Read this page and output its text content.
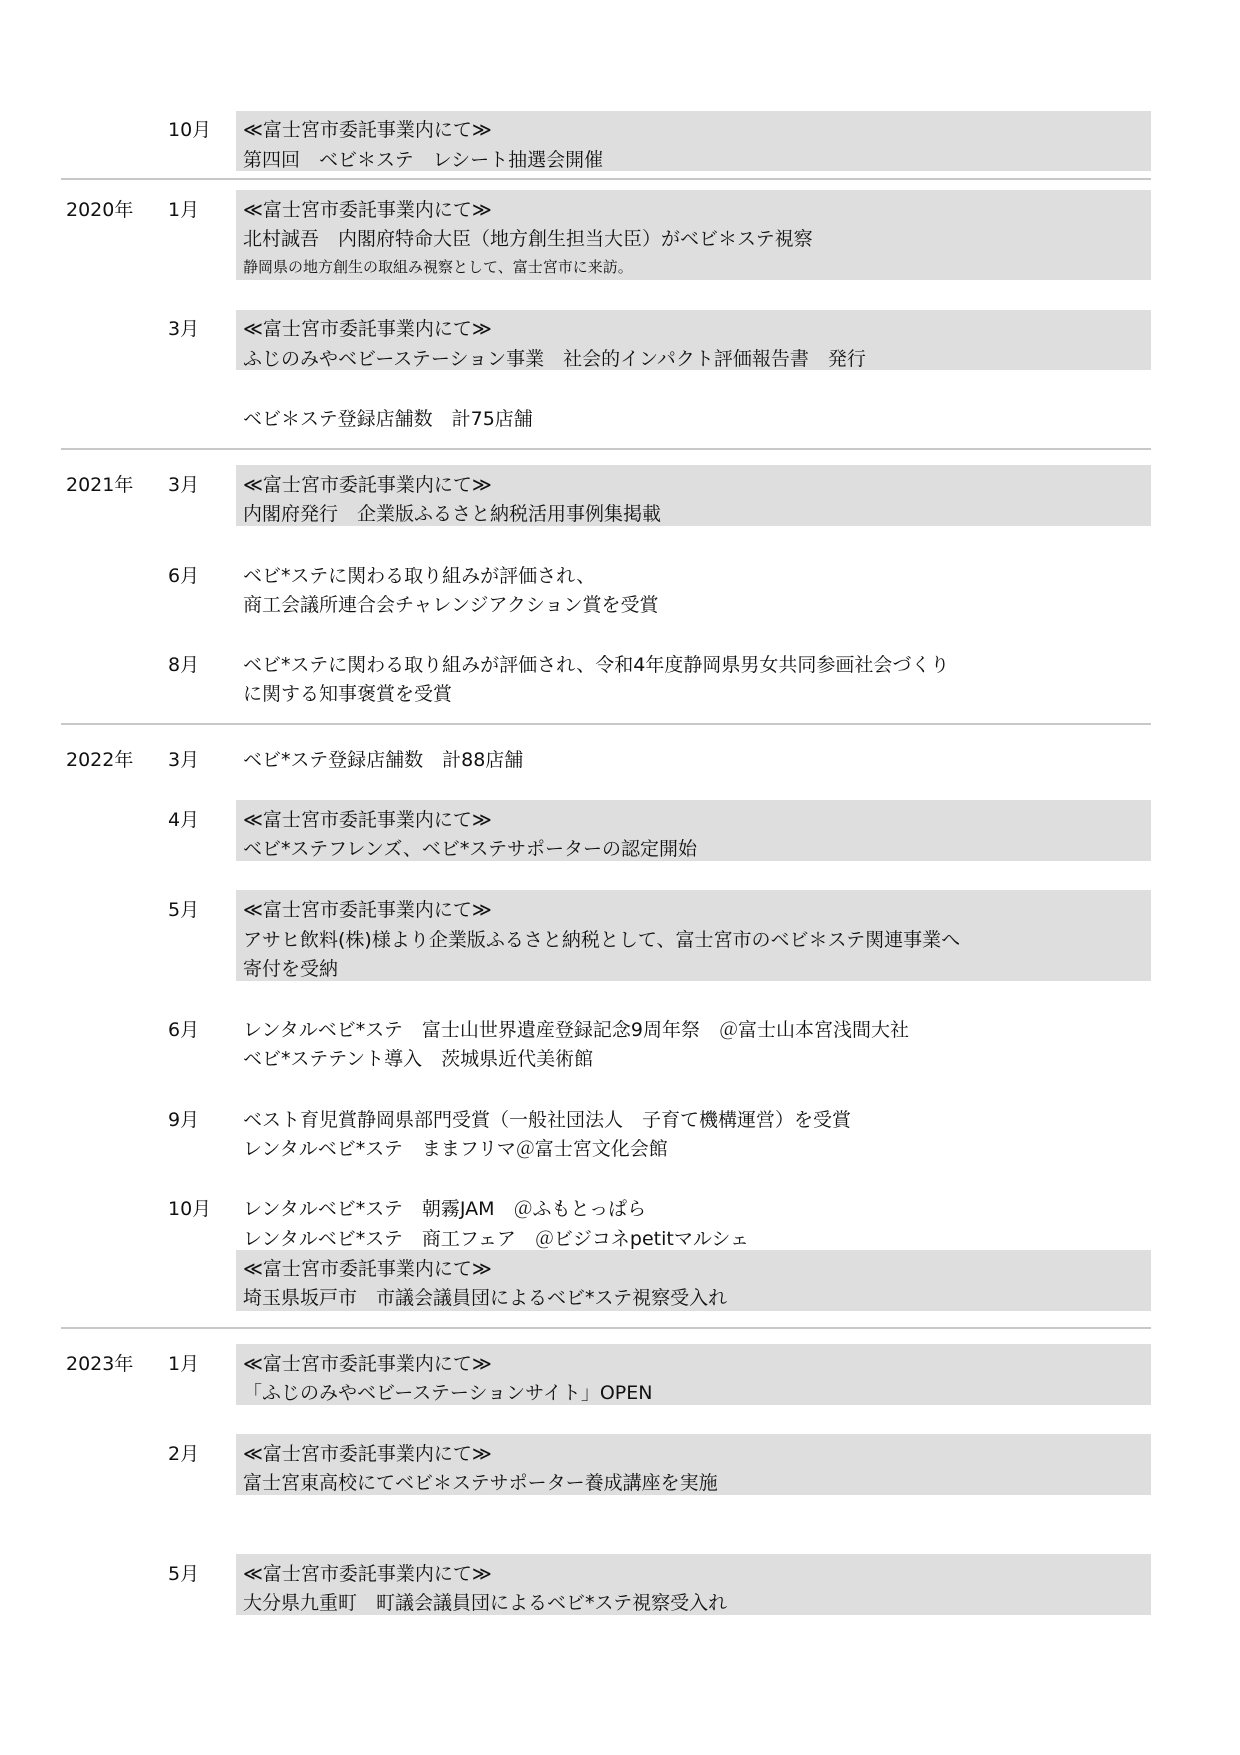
10月 ≪富士宮市委託事業内にて≫
第四回　ベビ＊ステ　レシート抽選会開催
2020年 1月 ≪富士宮市委託事業内にて≫
北村誠吾　内閣府特命大臣（地方創生担当大臣）がベビ＊ステ視察
静岡県の地方創生の取組み視察として、富士宮市に来訪。
3月 ≪富士宮市委託事業内にて≫
ふじのみやベビーステーション事業　社会的インパクト評価報告書　発行
ベビ＊ステ登録店舗数　計75店舗
2021年 3月 ≪富士宮市委託事業内にて≫
内閣府発行　企業版ふるさと納税活用事例集掲載
6月 ベビ*ステに関わる取り組みが評価され、
商工会議所連合会チャレンジアクション賞を受賞
8月 ベビ*ステに関わる取り組みが評価され、令和4年度静岡県男女共同参画社会づくり
に関する知事褒賞を受賞
2022年 3月 ベビ*ステ登録店舗数　計88店舗
4月 ≪富士宮市委託事業内にて≫
ベビ*ステフレンズ、ベビ*ステサポーターの認定開始
5月 ≪富士宮市委託事業内にて≫
アサヒ飲料(株)様より企業版ふるさと納税として、富士宮市のベビ＊ステ関連事業へ
寄付を受納
6月 レンタルベビ*ステ　富士山世界遺産登録記念9周年祭　＠富士山本宮浅間大社
ベビ*ステテント導入　茨城県近代美術館
9月 ベスト育児賞静岡県部門受賞（一般社団法人　子育て機構運営）を受賞
レンタルベビ*ステ　ままフリマ＠富士宮文化会館
10月 レンタルベビ*ステ　朝霧JAM　＠ふもとっぱら
レンタルベビ*ステ　商工フェア　＠ビジコネpetitマルシェ
≪富士宮市委託事業内にて≫
埼玉県坂戸市　市議会議員団によるベビ*ステ視察受入れ
2023年 1月 ≪富士宮市委託事業内にて≫
「ふじのみやベビーステーションサイト」OPEN
2月 ≪富士宮市委託事業内にて≫
富士宮東高校にてベビ＊ステサポーター養成講座を実施
5月 ≪富士宮市委託事業内にて≫
大分県九重町　町議会議員団によるベビ*ステ視察受入れ
